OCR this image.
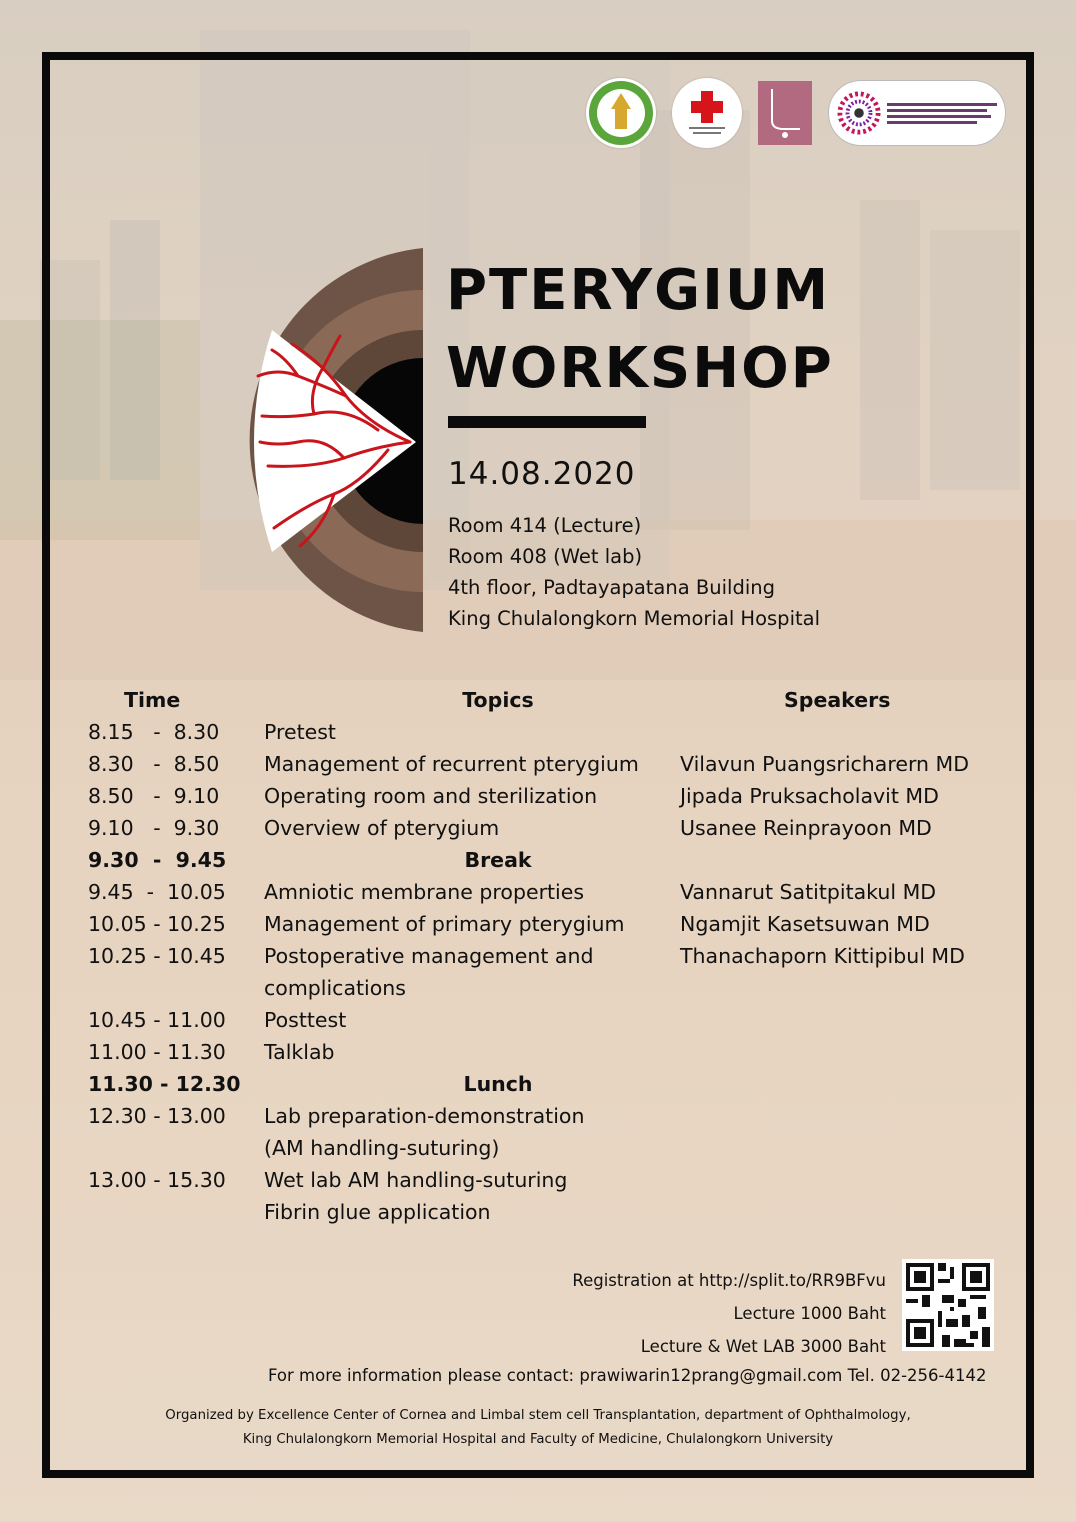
PTERYGIUM
WORKSHOP
14.08.2020
Room 414 (Lecture)
Room 408 (Wet lab)
4th floor, Padtayapatana Building
King Chulalongkorn Memorial Hospital
Time	Topics	Speakers
8.15   -  8.30	Pretest
8.30   -  8.50	Management of recurrent pterygium	Vilavun Puangsricharern MD
8.50   -  9.10	Operating room and sterilization	Jipada Pruksacholavit MD
9.10   -  9.30	Overview of pterygium	Usanee Reinprayoon MD
9.30  -  9.45	Break
9.45  -  10.05	Amniotic membrane properties	Vannarut Satitpitakul MD
10.05 - 10.25	Management of primary pterygium	Ngamjit Kasetsuwan MD
10.25 - 10.45	Postoperative management and	Thanachaporn Kittipibul MD
complications
10.45 - 11.00	Posttest
11.00 - 11.30	Talklab
11.30 - 12.30	Lunch
12.30 - 13.00	Lab preparation-demonstration
(AM handling-suturing)
13.00 - 15.30	Wet lab AM handling-suturing
Fibrin glue application
Registration at http://split.to/RR9BFvu
Lecture 1000 Baht
Lecture & Wet LAB 3000 Baht
For more information please contact: prawiwarin12prang@gmail.com Tel. 02-256-4142
Organized by Excellence Center of Cornea and Limbal stem cell Transplantation, department of Ophthalmology,
King Chulalongkorn Memorial Hospital and Faculty of Medicine, Chulalongkorn University
